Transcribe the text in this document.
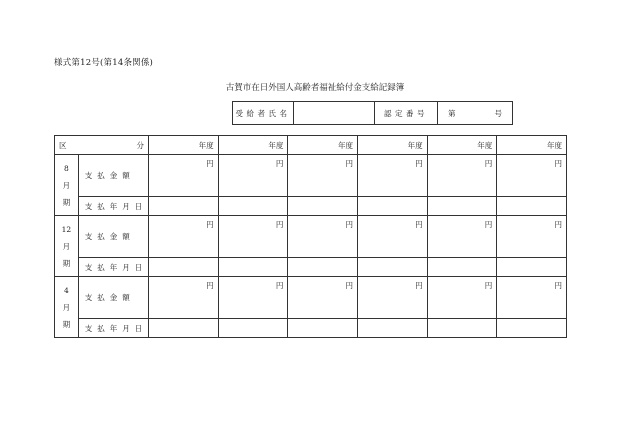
様式第12号(第14条関係)
古賀市在日外国人高齢者福祉給付金支給記録簿
受給者氏名		認定番号	第	号
区 分		年度	年度	年度	年度	年度	年度

8
月
期	支払金額	円	円	円	円	円	円
	支払年月日						

12
月
期	支払金額	円	円	円	円	円	円
	支払年月日						

4
月
期	支払金額	円	円	円	円	円	円
	支払年月日						
